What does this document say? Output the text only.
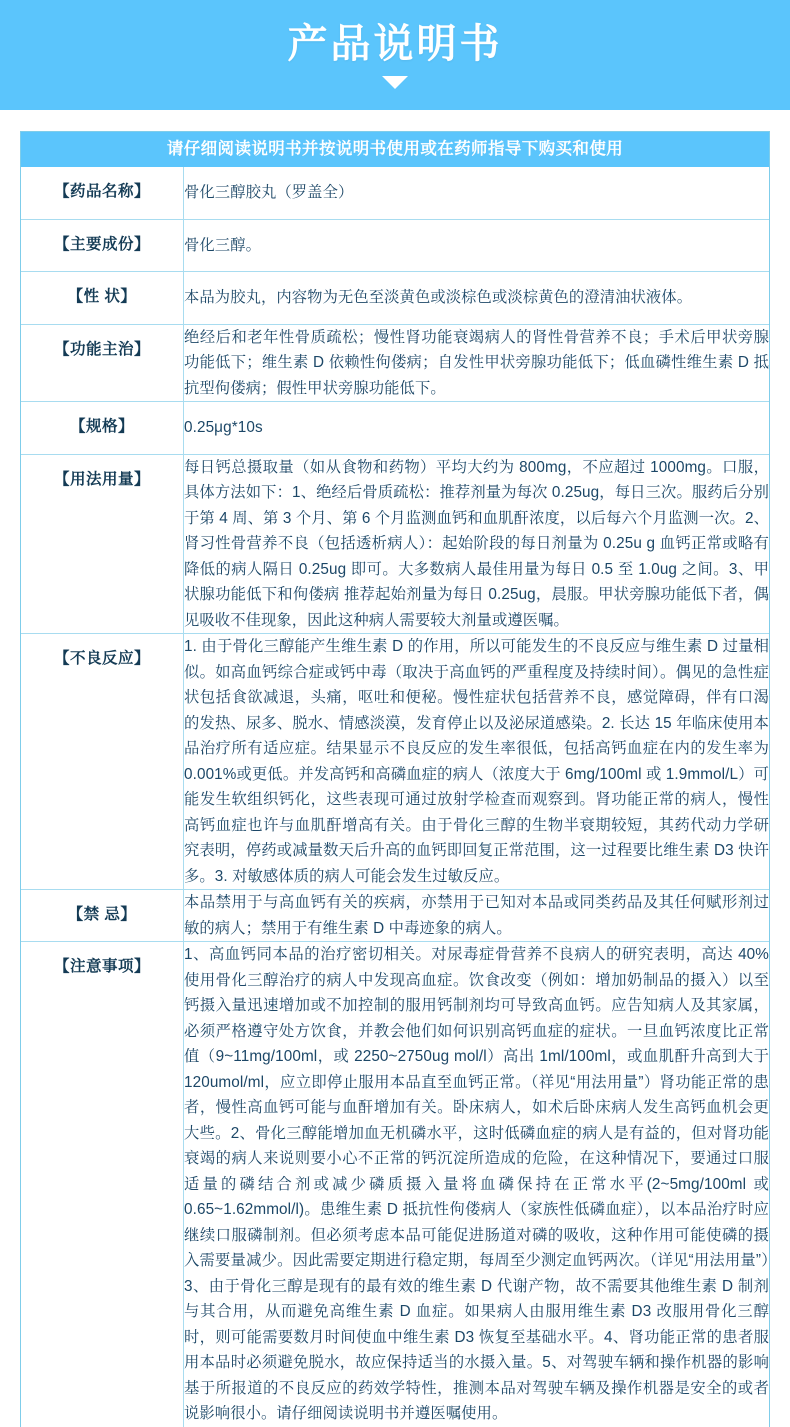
产品说明书
请仔细阅读说明书并按说明书使用或在药师指导下购买和使用
【药品名称】	骨化三醇胶丸（罗盖全）
【主要成份】	骨化三醇。
【性 状】	本品为胶丸，内容物为无色至淡黄色或淡棕色或淡棕黄色的澄清油状液体。
【功能主治】	绝经后和老年性骨质疏松；慢性肾功能衰竭病人的肾性骨营养不良；手术后甲状旁腺功能低下；维生素 D 依赖性佝偻病；自发性甲状旁腺功能低下；低血磷性维生素 D 抵抗型佝偻病；假性甲状旁腺功能低下。
【规格】	0.25μg*10s
【用法用量】	每日钙总摄取量（如从食物和药物）平均大约为 800mg，不应超过 1000mg。口服，具体方法如下：1、绝经后骨质疏松：推荐剂量为每次 0.25ug，每日三次。服药后分别于第 4 周、第 3 个月、第 6 个月监测血钙和血肌酐浓度，以后每六个月监测一次。2、肾习性骨营养不良（包括透析病人）：起始阶段的每日剂量为 0.25u g 血钙正常或略有降低的病人隔日 0.25ug 即可。大多数病人最佳用量为每日 0.5 至 1.0ug 之间。3、甲状腺功能低下和佝偻病 推荐起始剂量为每日 0.25ug，晨服。甲状旁腺功能低下者，偶见吸收不佳现象，因此这种病人需要较大剂量或遵医嘱。
【不良反应】	1. 由于骨化三醇能产生维生素 D 的作用，所以可能发生的不良反应与维生素 D 过量相似。如高血钙综合症或钙中毒（取决于高血钙的严重程度及持续时间）。偶见的急性症状包括食欲减退，头痛，呕吐和便秘。慢性症状包括营养不良，感觉障碍，伴有口渴的发热、尿多、脱水、情感淡漠，发育停止以及泌尿道感染。2. 长达 15 年临床使用本品治疗所有适应症。结果显示不良反应的发生率很低，包括高钙血症在内的发生率为 0.001%或更低。并发高钙和高磷血症的病人（浓度大于 6mg/100ml 或 1.9mmol/L）可能发生软组织钙化，这些表现可通过放射学检查而观察到。肾功能正常的病人，慢性高钙血症也许与血肌酐增高有关。由于骨化三醇的生物半衰期较短，其药代动力学研究表明，停药或减量数天后升高的血钙即回复正常范围，这一过程要比维生素 D3 快许多。3. 对敏感体质的病人可能会发生过敏反应。
【禁 忌】	本品禁用于与高血钙有关的疾病，亦禁用于已知对本品或同类药品及其任何赋形剂过敏的病人；禁用于有维生素 D 中毒迹象的病人。
【注意事项】	1、高血钙同本品的治疗密切相关。对尿毒症骨营养不良病人的研究表明，高达 40% 使用骨化三醇治疗的病人中发现高血症。饮食改变（例如：增加奶制品的摄入）以至钙摄入量迅速增加或不加控制的服用钙制剂均可导致高血钙。应告知病人及其家属，必须严格遵守处方饮食，并教会他们如何识别高钙血症的症状。一旦血钙浓度比正常值（9~11mg/100ml，或 2250~2750ug mol/l）高出 1ml/100ml，或血肌酐升高到大于 120umol/ml，应立即停止服用本品直至血钙正常。（祥见“用法用量”）肾功能正常的患者，慢性高血钙可能与血酐增加有关。卧床病人，如术后卧床病人发生高钙血机会更大些。2、骨化三醇能增加血无机磷水平，这时低磷血症的病人是有益的，但对肾功能衰竭的病人来说则要小心不正常的钙沉淀所造成的危险，在这种情况下，要通过口服适量的磷结合剂或减少磷质摄入量将血磷保持在正常水平(2~5mg/100ml 或 0.65~1.62mmol/l)。患维生素 D 抵抗性佝偻病人（家族性低磷血症），以本品治疗时应继续口服磷制剂。但必须考虑本品可能促进肠道对磷的吸收，这种作用可能使磷的摄入需要量减少。因此需要定期进行稳定期，每周至少测定血钙两次。（详见“用法用量”）3、由于骨化三醇是现有的最有效的维生素 D 代谢产物，故不需要其他维生素 D 制剂与其合用，从而避免高维生素 D 血症。如果病人由服用维生素 D3 改服用骨化三醇时，则可能需要数月时间使血中维生素 D3 恢复至基础水平。4、肾功能正常的患者服用本品时必须避免脱水，故应保持适当的水摄入量。5、对驾驶车辆和操作机器的影响基于所报道的不良反应的药效学特性，推测本品对驾驶车辆及操作机器是安全的或者说影响很小。请仔细阅读说明书并遵医嘱使用。
